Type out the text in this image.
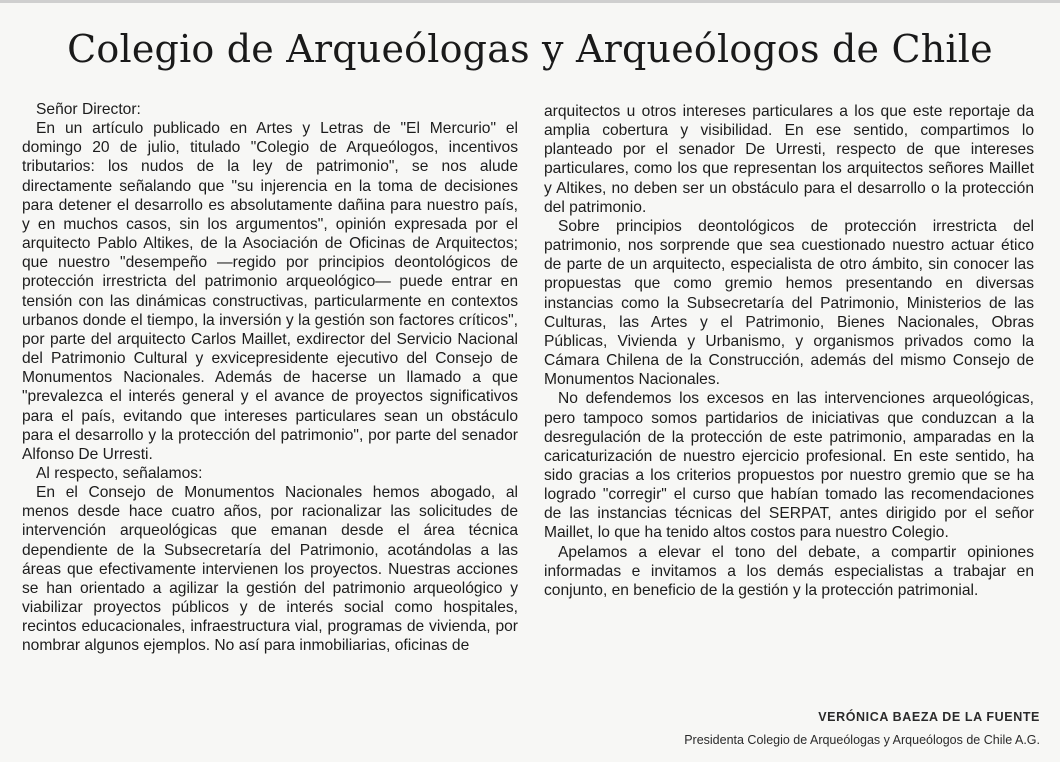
Colegio de Arqueólogas y Arqueólogos de Chile

Señor Director:

En un artículo publicado en Artes y Letras de "El Mercurio" el domingo 20 de julio, titulado "Colegio de Arqueólogos, incentivos tributarios: los nudos de la ley de patrimonio", se nos alude directamente señalando que "su injerencia en la toma de decisiones para detener el desarrollo es absolutamente dañina para nuestro país, y en muchos casos, sin los argumentos", opinión expresada por el arquitecto Pablo Altikes, de la Asociación de Oficinas de Arquitectos; que nuestro "desempeño —regido por principios deontológicos de protección irrestricta del patrimonio arqueológico— puede entrar en tensión con las dinámicas constructivas, particularmente en contextos urbanos donde el tiempo, la inversión y la gestión son factores críticos", por parte del arquitecto Carlos Maillet, exdirector del Servicio Nacional del Patrimonio Cultural y exvicepresidente ejecutivo del Consejo de Monumentos Nacionales. Además de hacerse un llamado a que "prevalezca el interés general y el avance de proyectos significativos para el país, evitando que intereses particulares sean un obstáculo para el desarrollo y la protección del patrimonio", por parte del senador Alfonso De Urresti.

Al respecto, señalamos:

En el Consejo de Monumentos Nacionales hemos abogado, al menos desde hace cuatro años, por racionalizar las solicitudes de intervención arqueológicas que emanan desde el área técnica dependiente de la Subsecretaría del Patrimonio, acotándolas a las áreas que efectivamente intervienen los proyectos. Nuestras acciones se han orientado a agilizar la gestión del patrimonio arqueológico y viabilizar proyectos públicos y de interés social como hospitales, recintos educacionales, infraestructura vial, programas de vivienda, por nombrar algunos ejemplos. No así para inmobiliarias, oficinas de

arquitectos u otros intereses particulares a los que este reportaje da amplia cobertura y visibilidad. En ese sentido, compartimos lo planteado por el senador De Urresti, respecto de que intereses particulares, como los que representan los arquitectos señores Maillet y Altikes, no deben ser un obstáculo para el desarrollo o la protección del patrimonio.

Sobre principios deontológicos de protección irrestricta del patrimonio, nos sorprende que sea cuestionado nuestro actuar ético de parte de un arquitecto, especialista de otro ámbito, sin conocer las propuestas que como gremio hemos presentando en diversas instancias como la Subsecretaría del Patrimonio, Ministerios de las Culturas, las Artes y el Patrimonio, Bienes Nacionales, Obras Públicas, Vivienda y Urbanismo, y organismos privados como la Cámara Chilena de la Construcción, además del mismo Consejo de Monumentos Nacionales.

No defendemos los excesos en las intervenciones arqueológicas, pero tampoco somos partidarios de iniciativas que conduzcan a la desregulación de la protección de este patrimonio, amparadas en la caricaturización de nuestro ejercicio profesional. En este sentido, ha sido gracias a los criterios propuestos por nuestro gremio que se ha logrado "corregir" el curso que habían tomado las recomendaciones de las instancias técnicas del SERPAT, antes dirigido por el señor Maillet, lo que ha tenido altos costos para nuestro Colegio.

Apelamos a elevar el tono del debate, a compartir opiniones informadas e invitamos a los demás especialistas a trabajar en conjunto, en beneficio de la gestión y la protección patrimonial.

VERÓNICA BAEZA DE LA FUENTE
Presidenta Colegio de Arqueólogas y Arqueólogos de Chile A.G.
